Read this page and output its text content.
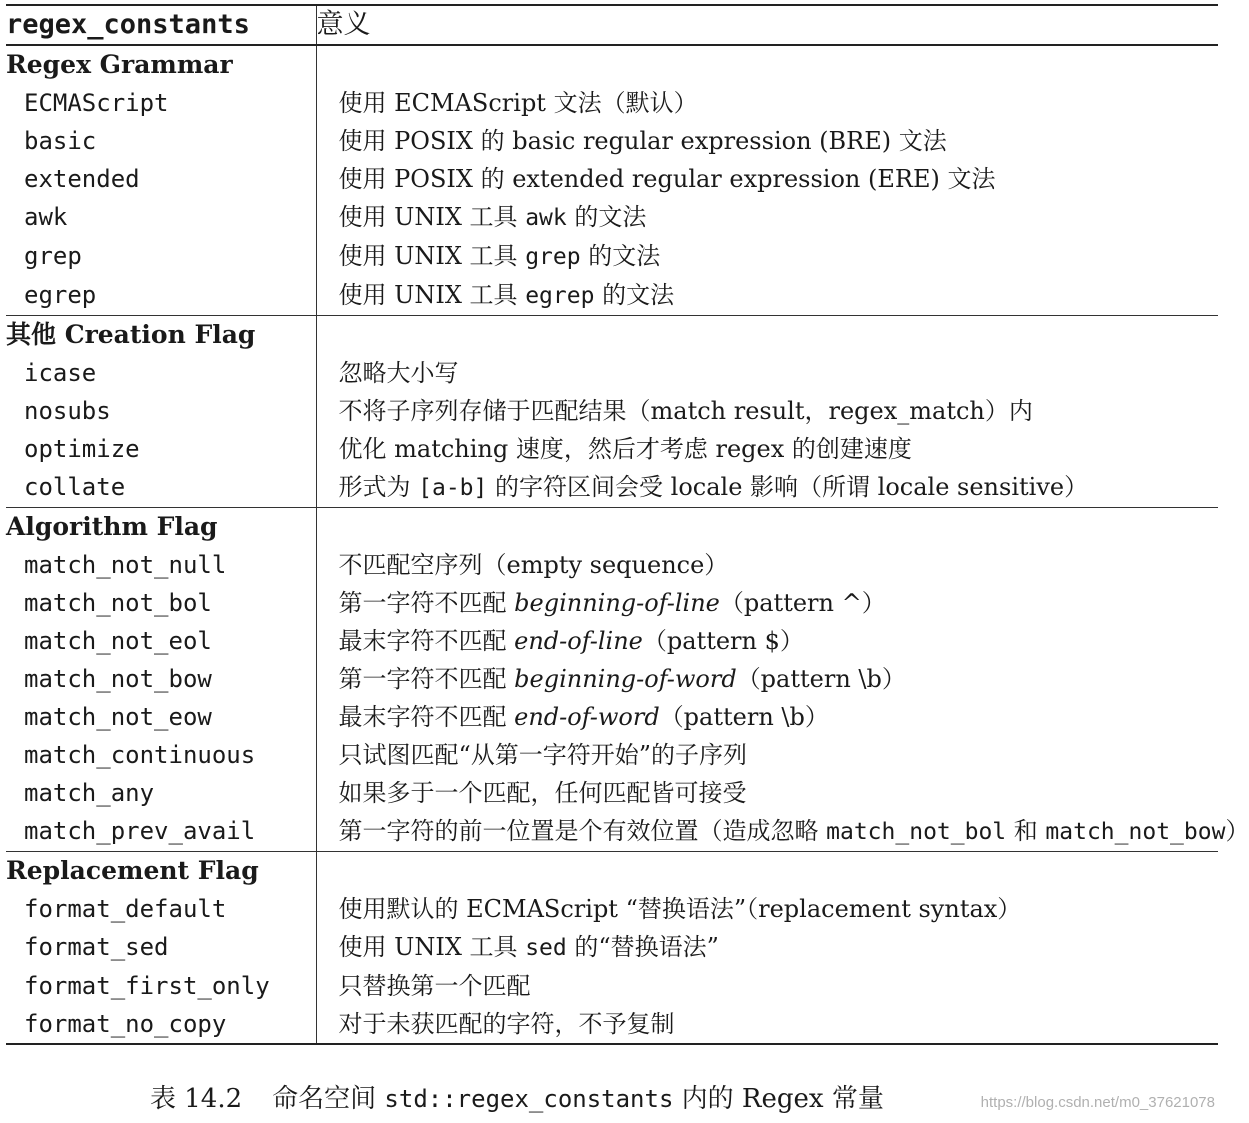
regex_constants	意义
Regex Grammar	
ECMAScript	使用 ECMAScript 文法（默认）
basic	使用 POSIX 的 basic regular expression (BRE) 文法
extended	使用 POSIX 的 extended regular expression (ERE) 文法
awk	使用 UNIX 工具 awk 的文法
grep	使用 UNIX 工具 grep 的文法
egrep	使用 UNIX 工具 egrep 的文法
其他 Creation Flag	
icase	忽略大小写
nosubs	不将子序列存储于匹配结果（match result，regex_match）内
optimize	优化 matching 速度，然后才考虑 regex 的创建速度
collate	形式为 [a-b] 的字符区间会受 locale 影响（所谓 locale sensitive）
Algorithm Flag	
match_not_null	不匹配空序列（empty sequence）
match_not_bol	第一字符不匹配 beginning-of-line（pattern ^）
match_not_eol	最末字符不匹配 end-of-line（pattern $）
match_not_bow	第一字符不匹配 beginning-of-word（pattern \b）
match_not_eow	最末字符不匹配 end-of-word（pattern \b）
match_continuous	只试图匹配“从第一字符开始”的子序列
match_any	如果多于一个匹配，任何匹配皆可接受
match_prev_avail	第一字符的前一位置是个有效位置（造成忽略 match_not_bol 和 match_not_bow）
Replacement Flag	
format_default	使用默认的 ECMAScript “替换语法”（replacement syntax）
format_sed	使用 UNIX 工具 sed 的“替换语法”
format_first_only	只替换第一个匹配
format_no_copy	对于未获匹配的字符，不予复制
表 14.2 命名空间 std::regex_constants 内的 Regex 常量	https://blog.csdn.net/m0_37621078
